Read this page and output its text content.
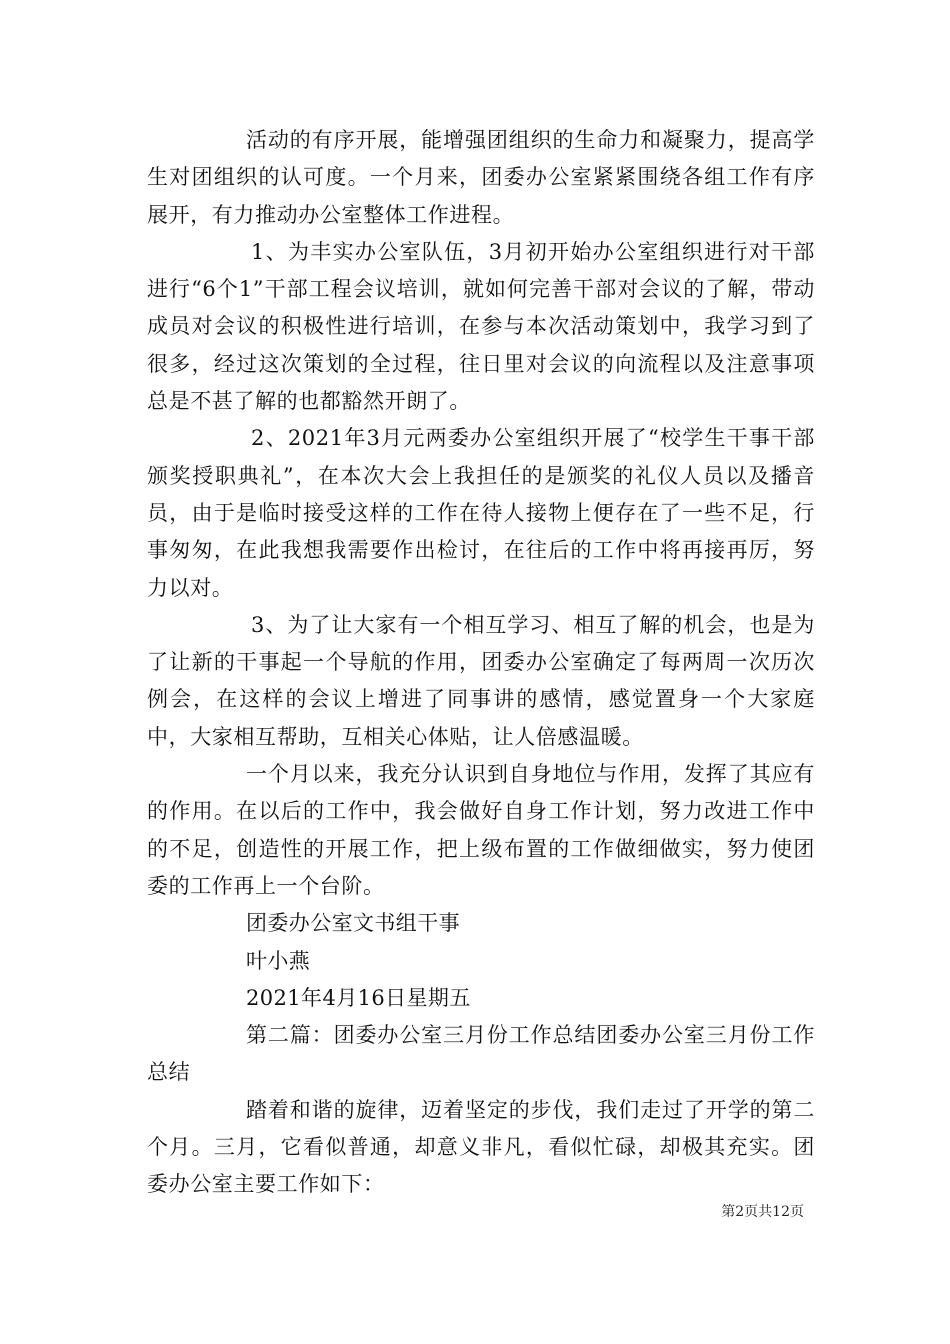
活动的有序开展，能增强团组织的生命力和凝聚力，提高学生对团组织的认可度。一个月来，团委办公室紧紧围绕各组工作有序展开，有力推动办公室整体工作进程。

1、为丰实办公室队伍，3月初开始办公室组织进行对干部进行“6个1”干部工程会议培训，就如何完善干部对会议的了解，带动成员对会议的积极性进行培训，在参与本次活动策划中，我学习到了很多，经过这次策划的全过程，往日里对会议的向流程以及注意事项总是不甚了解的也都豁然开朗了。

2、2021年3月元两委办公室组织开展了“校学生干事干部颁奖授职典礼”，在本次大会上我担任的是颁奖的礼仪人员以及播音员，由于是临时接受这样的工作在待人接物上便存在了一些不足，行事匆匆，在此我想我需要作出检讨，在往后的工作中将再接再厉，努力以对。

3、为了让大家有一个相互学习、相互了解的机会，也是为了让新的干事起一个导航的作用，团委办公室确定了每两周一次历次例会，在这样的会议上增进了同事讲的感情，感觉置身一个大家庭中，大家相互帮助，互相关心体贴，让人倍感温暖。

一个月以来，我充分认识到自身地位与作用，发挥了其应有的作用。在以后的工作中，我会做好自身工作计划，努力改进工作中的不足，创造性的开展工作，把上级布置的工作做细做实，努力使团委的工作再上一个台阶。

团委办公室文书组干事

叶小燕

2021年4月16日星期五

第二篇：团委办公室三月份工作总结团委办公室三月份工作总结

踏着和谐的旋律，迈着坚定的步伐，我们走过了开学的第二个月。三月，它看似普通，却意义非凡，看似忙碌，却极其充实。团委办公室主要工作如下：

第2页共12页
